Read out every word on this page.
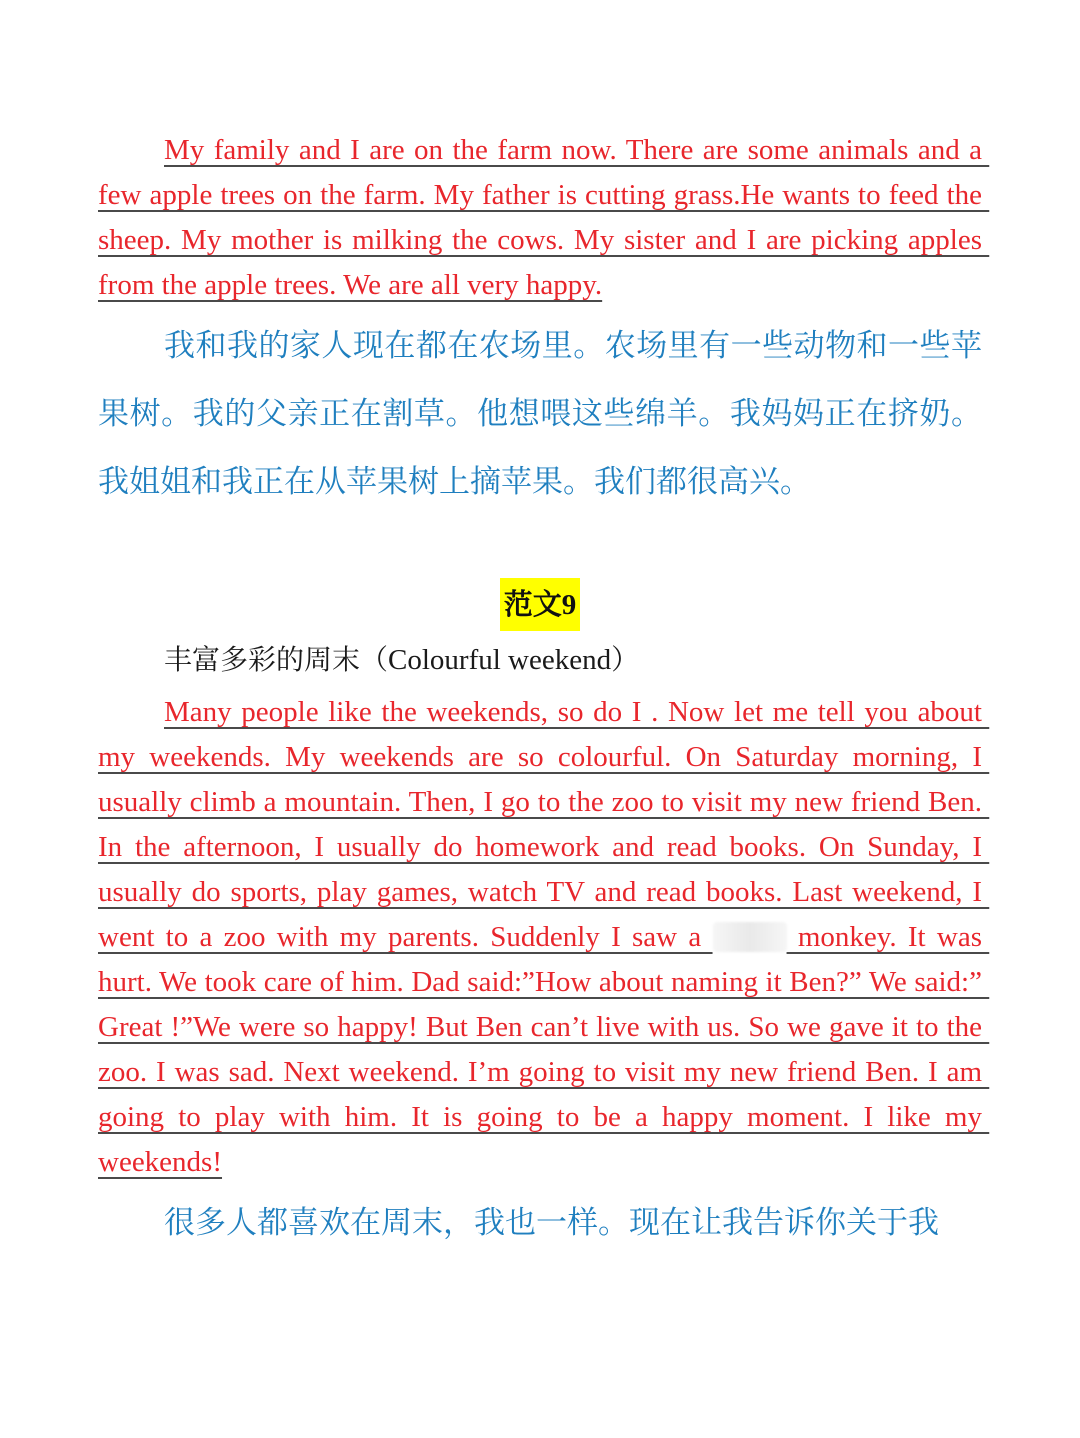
My family and I are on the farm now. There are some animals and a few apple trees on the farm. My father is cutting grass.He wants to feed the sheep. My mother is milking the cows. My sister and I are picking apples from the apple trees. We are all very happy.

我和我的家人现在都在农场里。农场里有一些动物和一些苹果树。我的父亲正在割草。他想喂这些绵羊。我妈妈正在挤奶。我姐姐和我正在从苹果树上摘苹果。我们都很高兴。

范文9

丰富多彩的周末（Colourful weekend）

Many people like the weekends, so do I . Now let me tell you about my weekends. My weekends are so colourful. On Saturday morning, I usually climb a mountain. Then, I go to the zoo to visit my new friend Ben. In the afternoon, I usually do homework and read books. On Sunday, I usually do sports, play games, watch TV and read books. Last weekend, I went to a zoo with my parents. Suddenly I saw a	monkey. It was hurt. We took care of him. Dad said:”How about naming it Ben?” We said:” Great !”We were so happy! But Ben can’t live with us. So we gave it to the zoo. I was sad. Next weekend. I’m going to visit my new friend Ben. I am going to play with him. It is going to be a happy moment. I like my weekends!

很多人都喜欢在周末，我也一样。现在让我告诉你关于我
